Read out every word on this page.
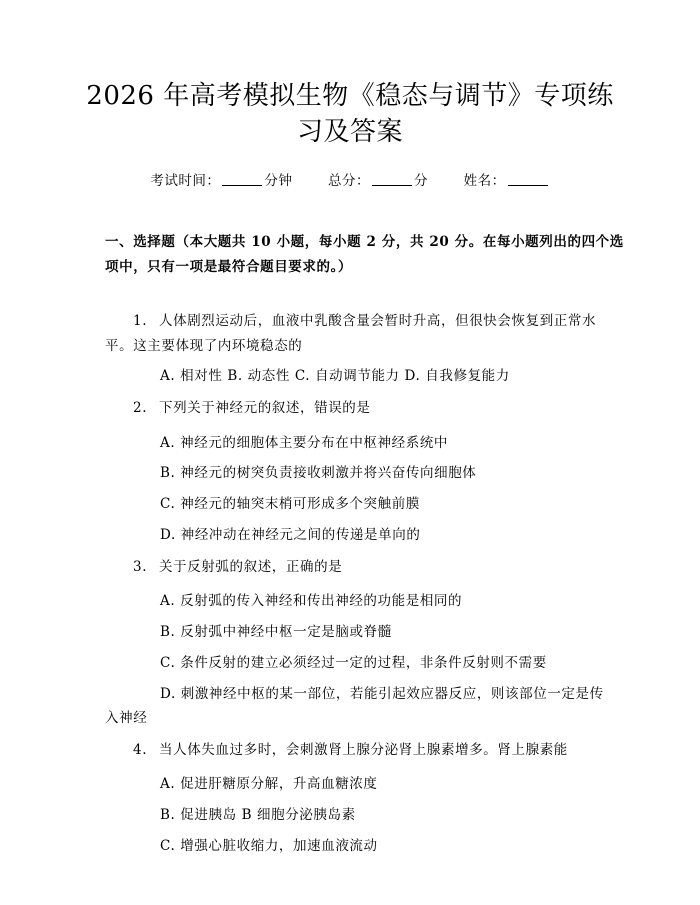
2026 年高考模拟生物《稳态与调节》专项练
习及答案
考试时间：	分钟	总分：	分	姓名：
一、选择题（本大题共 10 小题，每小题 2 分，共 20 分。在每小题列出的四个选
项中，只有一项是最符合题目要求的。）
1. 人体剧烈运动后，血液中乳酸含量会暂时升高，但很快会恢复到正常水
平。这主要体现了内环境稳态的
A. 相对性 B. 动态性 C. 自动调节能力 D. 自我修复能力
2. 下列关于神经元的叙述，错误的是
A. 神经元的细胞体主要分布在中枢神经系统中
B. 神经元的树突负责接收刺激并将兴奋传向细胞体
C. 神经元的轴突末梢可形成多个突触前膜
D. 神经冲动在神经元之间的传递是单向的
3. 关于反射弧的叙述，正确的是
A. 反射弧的传入神经和传出神经的功能是相同的
B. 反射弧中神经中枢一定是脑或脊髓
C. 条件反射的建立必须经过一定的过程，非条件反射则不需要
D. 刺激神经中枢的某一部位，若能引起效应器反应，则该部位一定是传
入神经
4. 当人体失血过多时，会刺激肾上腺分泌肾上腺素增多。肾上腺素能
A. 促进肝糖原分解，升高血糖浓度
B. 促进胰岛 B 细胞分泌胰岛素
C. 增强心脏收缩力，加速血液流动
